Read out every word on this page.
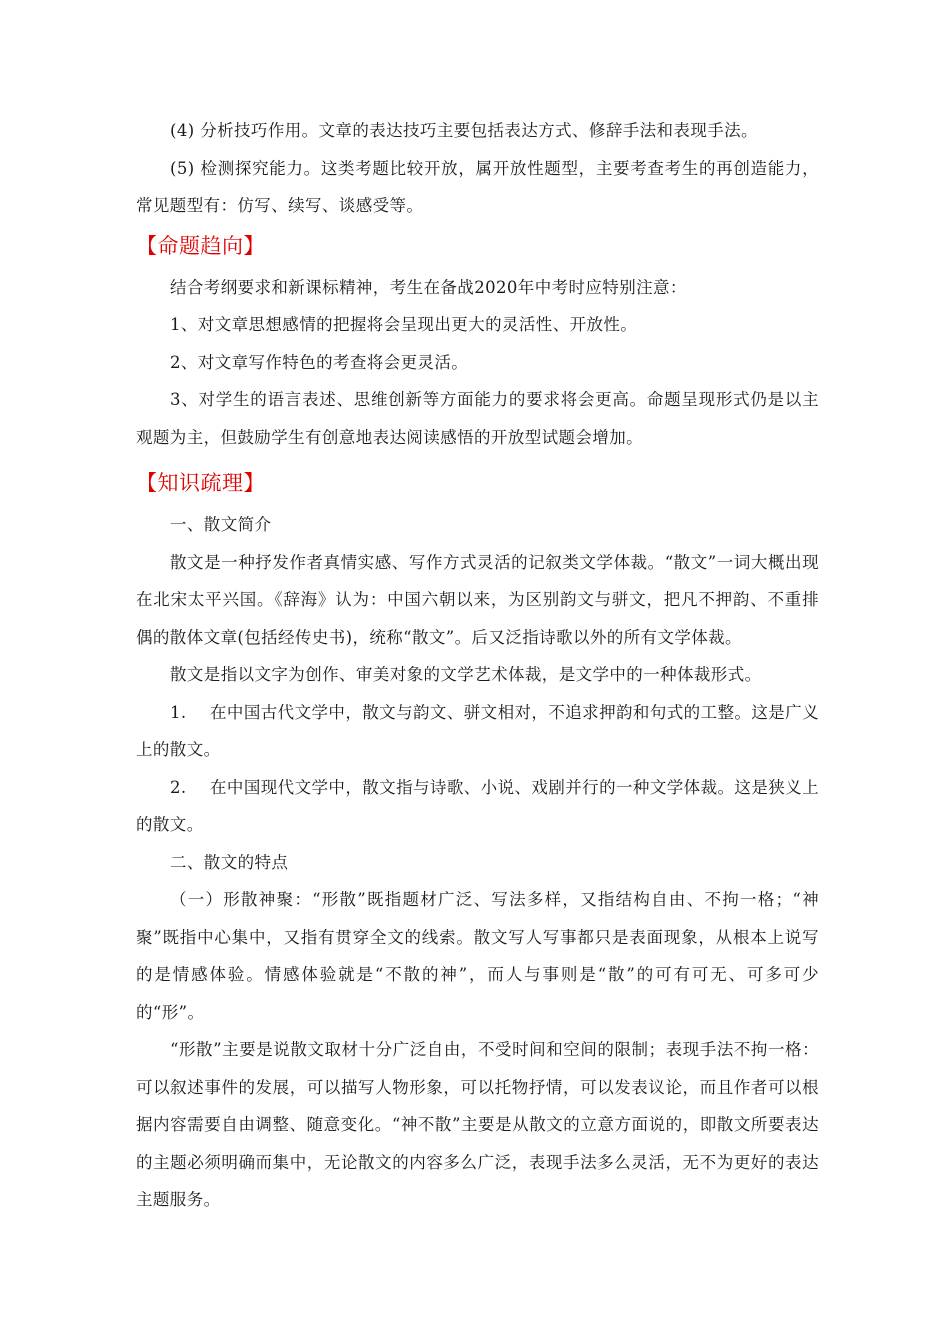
(4) 分析技巧作用。文章的表达技巧主要包括表达方式、修辞手法和表现手法。

(5) 检测探究能力。这类考题比较开放，属开放性题型，主要考查考生的再创造能力，常见题型有：仿写、续写、谈感受等。

【命题趋向】

结合考纲要求和新课标精神，考生在备战2020年中考时应特别注意：

1、对文章思想感情的把握将会呈现出更大的灵活性、开放性。

2、对文章写作特色的考查将会更灵活。

3、对学生的语言表述、思维创新等方面能力的要求将会更高。命题呈现形式仍是以主观题为主，但鼓励学生有创意地表达阅读感悟的开放型试题会增加。

【知识疏理】

一、散文简介

散文是一种抒发作者真情实感、写作方式灵活的记叙类文学体裁。“散文”一词大概出现在北宋太平兴国。《辞海》认为：中国六朝以来，为区别韵文与骈文，把凡不押韵、不重排偶的散体文章(包括经传史书)，统称“散文”。后又泛指诗歌以外的所有文学体裁。

散文是指以文字为创作、审美对象的文学艺术体裁，是文学中的一种体裁形式。

1. 在中国古代文学中，散文与韵文、骈文相对，不追求押韵和句式的工整。这是广义上的散文。

2. 在中国现代文学中，散文指与诗歌、小说、戏剧并行的一种文学体裁。这是狭义上的散文。

二、散文的特点

（一）形散神聚：“形散”既指题材广泛、写法多样，又指结构自由、不拘一格；“神聚”既指中心集中，又指有贯穿全文的线索。散文写人写事都只是表面现象，从根本上说写的是情感体验。情感体验就是“不散的神”，而人与事则是“散”的可有可无、可多可少的“形”。

“形散”主要是说散文取材十分广泛自由，不受时间和空间的限制；表现手法不拘一格：可以叙述事件的发展，可以描写人物形象，可以托物抒情，可以发表议论，而且作者可以根据内容需要自由调整、随意变化。“神不散”主要是从散文的立意方面说的，即散文所要表达的主题必须明确而集中，无论散文的内容多么广泛，表现手法多么灵活，无不为更好的表达主题服务。
